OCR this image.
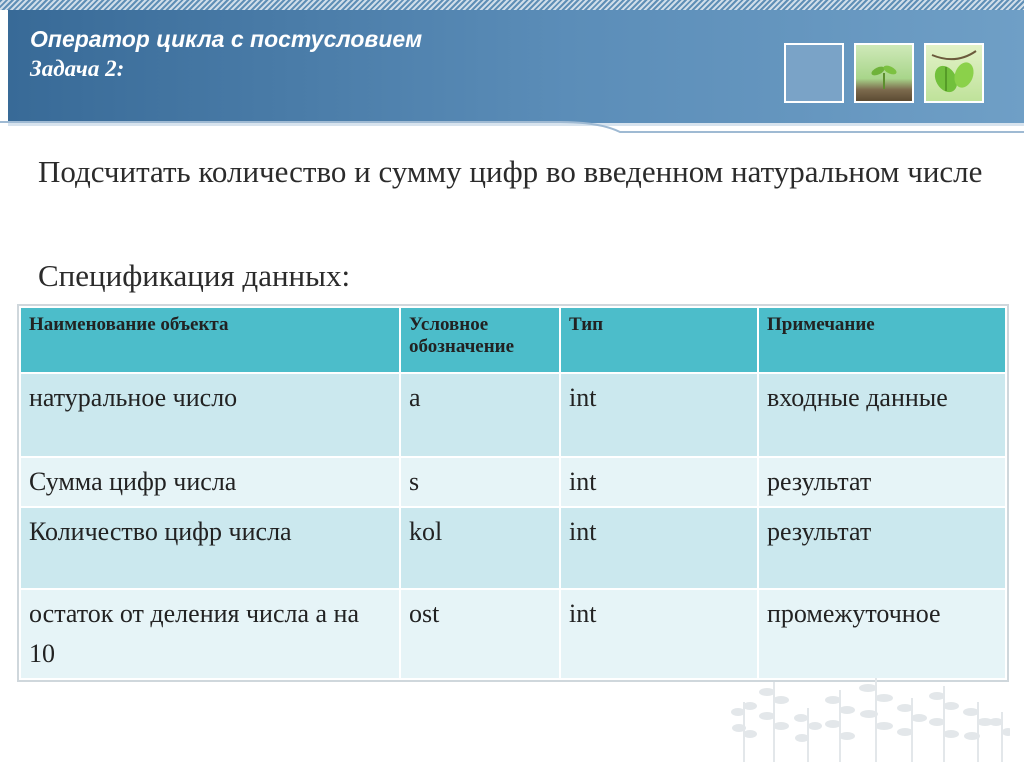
Оператор цикла с постусловием
Задача 2:
Подсчитать количество и сумму цифр во введенном натуральном числе
Спецификация данных:
Наименование объекта	Условное обозначение	Тип	Примечание
натуральное число	a	int	входные данные
Сумма цифр числа	s	int	результат
Количество цифр числа	kol	int	результат
остаток от деления числа а на 10	ost	int	промежуточное
